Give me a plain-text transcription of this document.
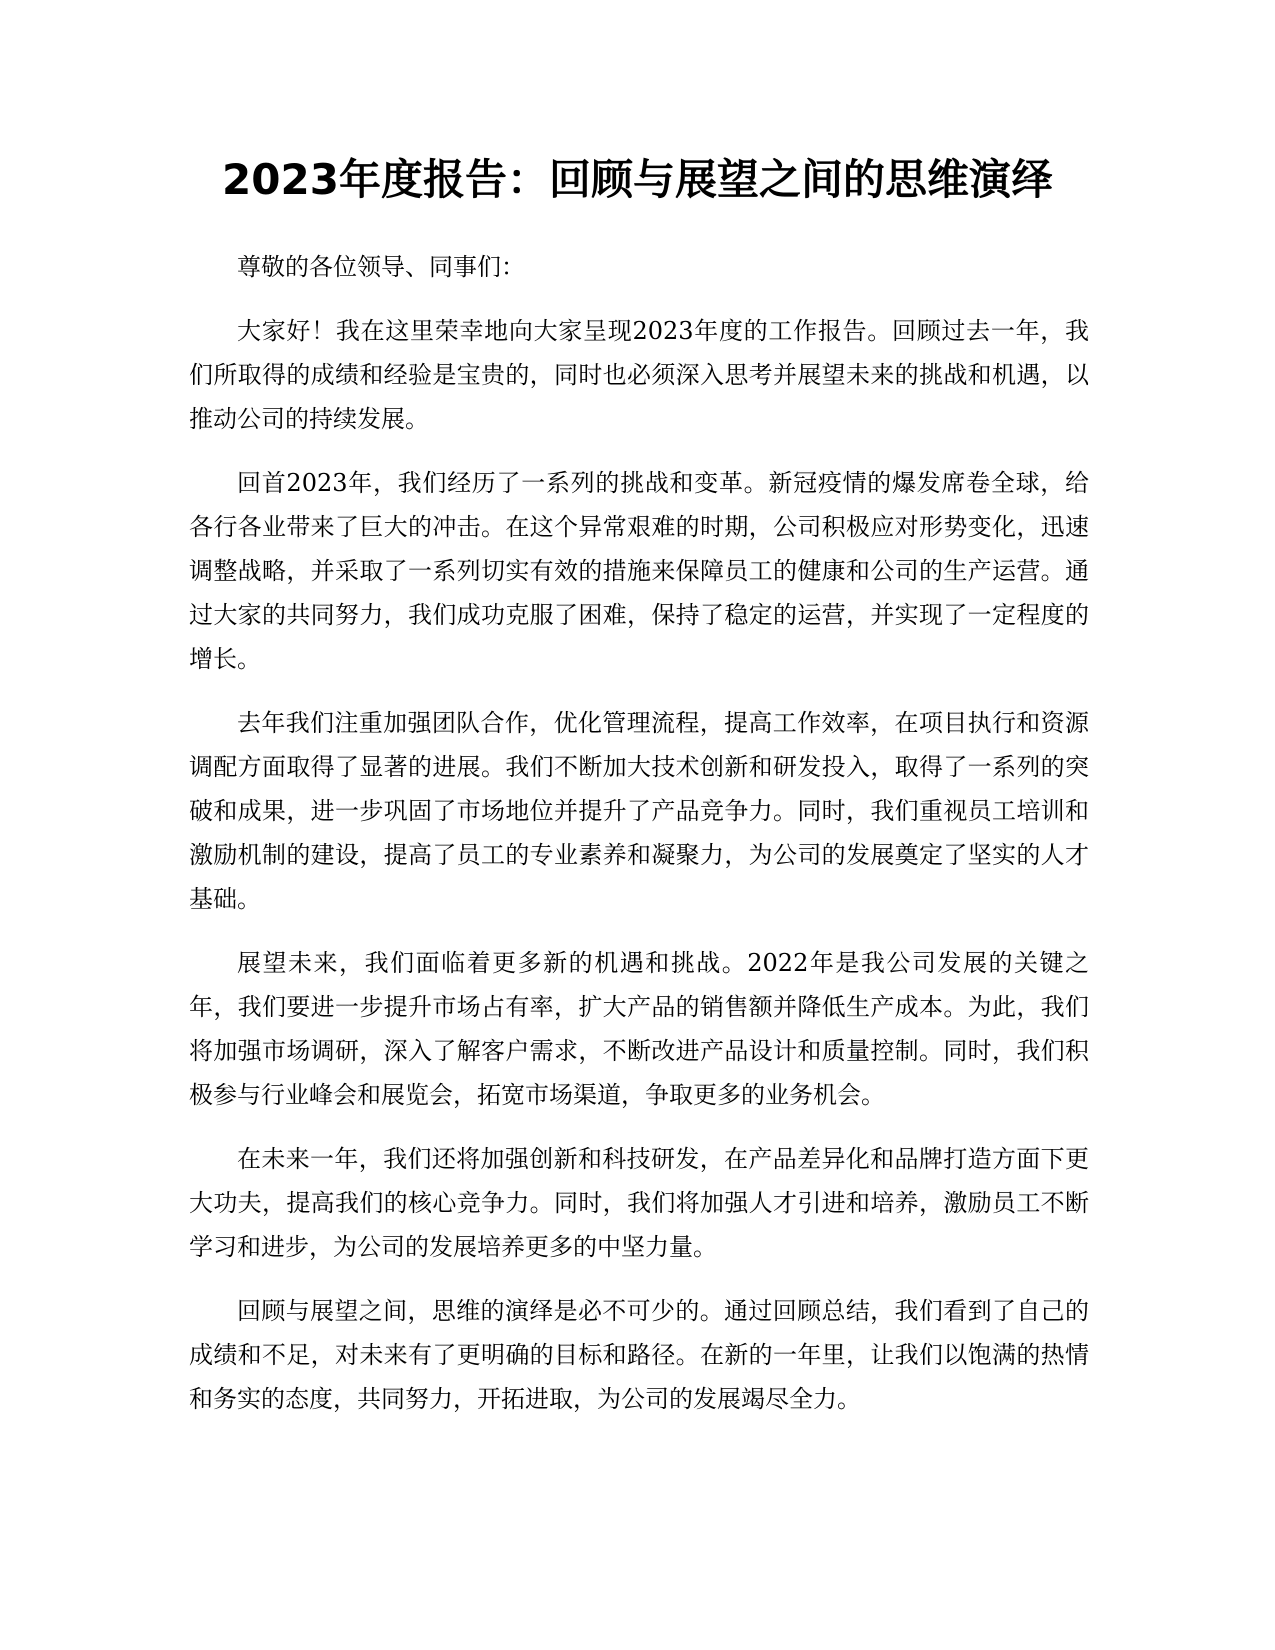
2023年度报告：回顾与展望之间的思维演绎

尊敬的各位领导、同事们：

大家好！我在这里荣幸地向大家呈现2023年度的工作报告。回顾过去一年，我们所取得的成绩和经验是宝贵的，同时也必须深入思考并展望未来的挑战和机遇，以推动公司的持续发展。

回首2023年，我们经历了一系列的挑战和变革。新冠疫情的爆发席卷全球，给各行各业带来了巨大的冲击。在这个异常艰难的时期，公司积极应对形势变化，迅速调整战略，并采取了一系列切实有效的措施来保障员工的健康和公司的生产运营。通过大家的共同努力，我们成功克服了困难，保持了稳定的运营，并实现了一定程度的增长。

去年我们注重加强团队合作，优化管理流程，提高工作效率，在项目执行和资源调配方面取得了显著的进展。我们不断加大技术创新和研发投入，取得了一系列的突破和成果，进一步巩固了市场地位并提升了产品竞争力。同时，我们重视员工培训和激励机制的建设，提高了员工的专业素养和凝聚力，为公司的发展奠定了坚实的人才基础。

展望未来，我们面临着更多新的机遇和挑战。2022年是我公司发展的关键之年，我们要进一步提升市场占有率，扩大产品的销售额并降低生产成本。为此，我们将加强市场调研，深入了解客户需求，不断改进产品设计和质量控制。同时，我们积极参与行业峰会和展览会，拓宽市场渠道，争取更多的业务机会。

在未来一年，我们还将加强创新和科技研发，在产品差异化和品牌打造方面下更大功夫，提高我们的核心竞争力。同时，我们将加强人才引进和培养，激励员工不断学习和进步，为公司的发展培养更多的中坚力量。

回顾与展望之间，思维的演绎是必不可少的。通过回顾总结，我们看到了自己的成绩和不足，对未来有了更明确的目标和路径。在新的一年里，让我们以饱满的热情和务实的态度，共同努力，开拓进取，为公司的发展竭尽全力。
